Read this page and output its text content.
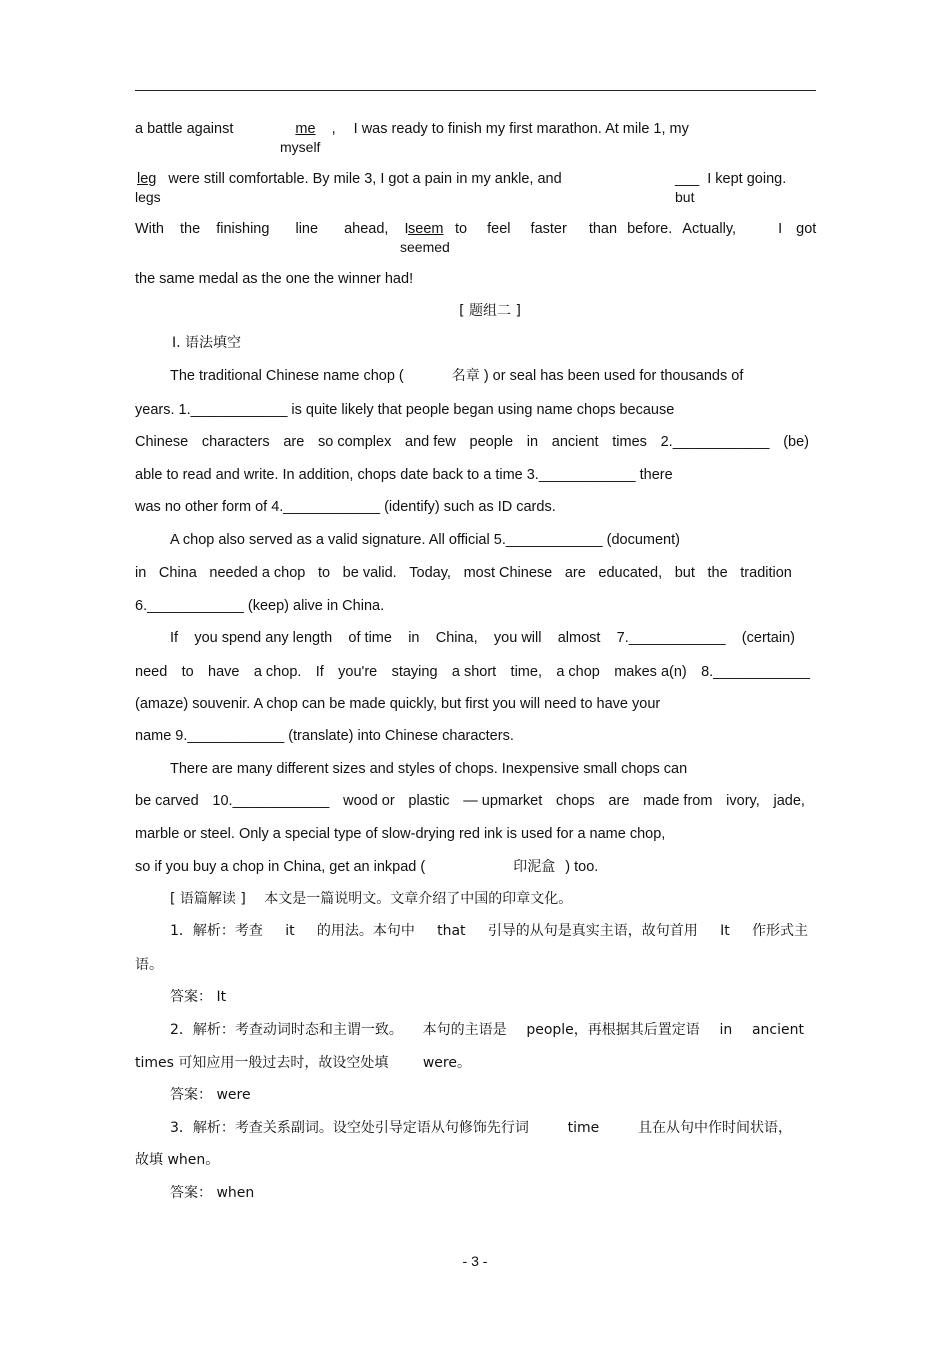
a battle against	me , I was ready to finish my first marathon. At mile 1, my
myself
leg were still comfortable. By mile 3, I got a pain in my ankle, and	___ I kept going.
legs	but
With the finishing line ahead, I seem to feel faster than before. Actually,	I got
seemed
the same medal as the one the winner had!
[ 题组二 ]
Ⅰ. 语法填空
The traditional Chinese name chop (	名章 ) or seal has been used for thousands of
years. 1.____________ is quite likely that people began using name chops because
Chinese characters are so complex and few people in ancient times 2.____________ (be)
able to read and write. In addition, chops date back to a time 3.____________ there
was no other form of 4.____________ (identify) such as ID cards.
A chop also served as a valid signature. All official 5.____________ (document)
in China needed a chop to be valid. Today, most Chinese are educated, but the tradition
6.____________ (keep) alive in China.
If you spend any length of time in China, you will almost 7.____________ (certain)
need to have a chop. If you're staying a short time, a chop makes a(n) 8.____________
(amaze) souvenir. A chop can be made quickly, but first you will need to have your
name 9.____________ (translate) into Chinese characters.
There are many different sizes and styles of chops. Inexpensive small chops can
be carved 10.____________ wood or plastic — upmarket chops are made from ivory, jade,
marble or steel. Only a special type of slow-drying red ink is used for a name chop,
so if you buy a chop in China, get an inkpad (	印泥盒 ) too.
[ 语篇解读 ] 本文是一篇说明文。文章介绍了中国的印章文化。
1．解析：考查 it 的用法。本句中 that 引导的从句是真实主语，故句首用 It 作形式主
语。
答案： It
2．解析：考查动词时态和主谓一致。 本句的主语是 people，再根据其后置定语 in ancient
times 可知应用一般过去时，故设空处填 were。
答案： were
3．解析：考查关系副词。设空处引导定语从句修饰先行词	time	且在从句中作时间状语，
故填 when。
答案： when
- 3 -
